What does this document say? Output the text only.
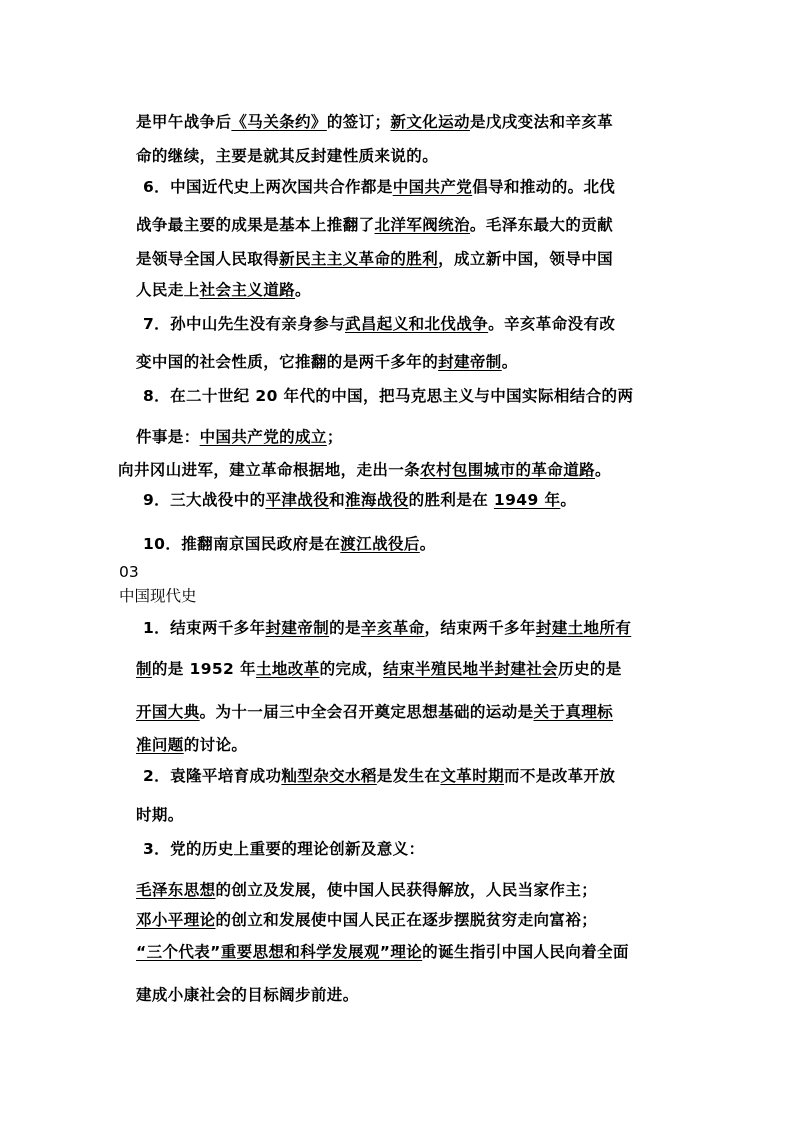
是甲午战争后《马关条约》的签订；新文化运动是戊戌变法和辛亥革
命的继续，主要是就其反封建性质来说的。
6．中国近代史上两次国共合作都是中国共产党倡导和推动的。北伐
战争最主要的成果是基本上推翻了北洋军阀统治。毛泽东最大的贡献
是领导全国人民取得新民主主义革命的胜利，成立新中国，领导中国
人民走上社会主义道路。
7．孙中山先生没有亲身参与武昌起义和北伐战争。辛亥革命没有改
变中国的社会性质，它推翻的是两千多年的封建帝制。
8．在二十世纪 20 年代的中国，把马克思主义与中国实际相结合的两
件事是：中国共产党的成立；
向井冈山进军，建立革命根据地，走出一条农村包围城市的革命道路。
9．三大战役中的平津战役和淮海战役的胜利是在 1949 年。
10．推翻南京国民政府是在渡江战役后。
03
中国现代史
1．结束两千多年封建帝制的是辛亥革命，结束两千多年封建土地所有
制的是 1952 年土地改革的完成，结束半殖民地半封建社会历史的是
开国大典。为十一届三中全会召开奠定思想基础的运动是关于真理标
准问题的讨论。
2．袁隆平培育成功籼型杂交水稻是发生在文革时期而不是改革开放
时期。
3．党的历史上重要的理论创新及意义：
毛泽东思想的创立及发展，使中国人民获得解放，人民当家作主；
邓小平理论的创立和发展使中国人民正在逐步摆脱贫穷走向富裕；
“三个代表”重要思想和科学发展观”理论的诞生指引中国人民向着全面
建成小康社会的目标阔步前进。
